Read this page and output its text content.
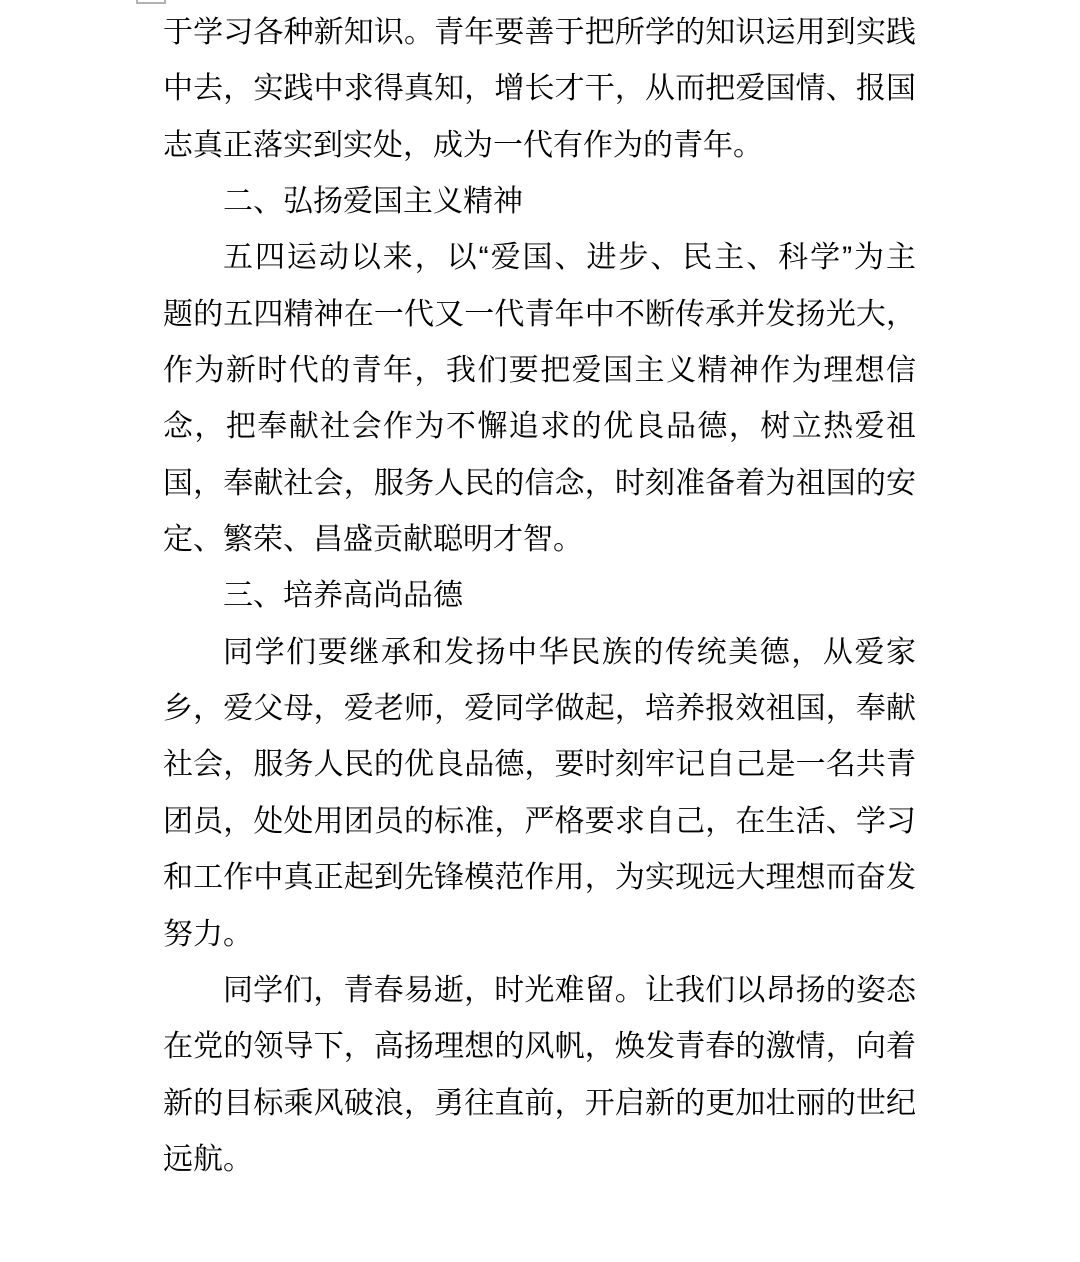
于学习各种新知识。青年要善于把所学的知识运用到实践
中去，实践中求得真知，增长才干，从而把爱国情、报国
志真正落实到实处，成为一代有作为的青年。
二、弘扬爱国主义精神
五四运动以来，以“爱国、进步、民主、科学”为主
题的五四精神在一代又一代青年中不断传承并发扬光大，
作为新时代的青年，我们要把爱国主义精神作为理想信
念，把奉献社会作为不懈追求的优良品德，树立热爱祖
国，奉献社会，服务人民的信念，时刻准备着为祖国的安
定、繁荣、昌盛贡献聪明才智。
三、培养高尚品德
同学们要继承和发扬中华民族的传统美德，从爱家
乡，爱父母，爱老师，爱同学做起，培养报效祖国，奉献
社会，服务人民的优良品德，要时刻牢记自己是一名共青
团员，处处用团员的标准，严格要求自己，在生活、学习
和工作中真正起到先锋模范作用，为实现远大理想而奋发
努力。
同学们，青春易逝，时光难留。让我们以昂扬的姿态
在党的领导下，高扬理想的风帆，焕发青春的激情，向着
新的目标乘风破浪，勇往直前，开启新的更加壮丽的世纪
远航。
